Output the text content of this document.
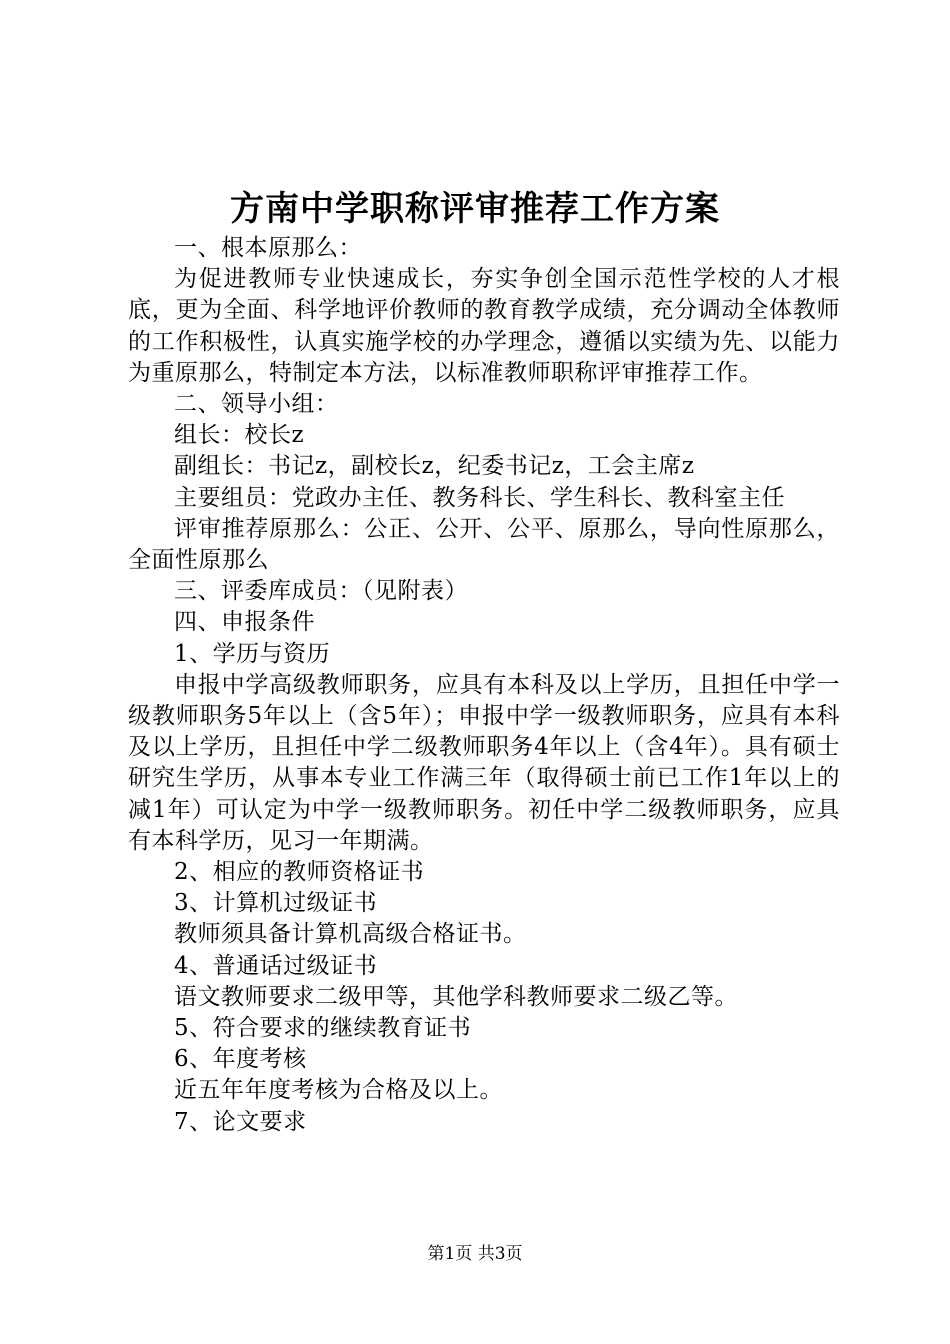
方南中学职称评审推荐工作方案

一、根本原那么：

为促进教师专业快速成长，夯实争创全国示范性学校的人才根底，更为全面、科学地评价教师的教育教学成绩，充分调动全体教师的工作积极性，认真实施学校的办学理念，遵循以实绩为先、以能力为重原那么，特制定本方法，以标准教师职称评审推荐工作。

二、领导小组：

组长：校长z

副组长：书记z，副校长z，纪委书记z，工会主席z

主要组员：党政办主任、教务科长、学生科长、教科室主任

评审推荐原那么：公正、公开、公平、原那么，导向性原那么，全面性原那么

三、评委库成员：（见附表）

四、申报条件

1、学历与资历

申报中学高级教师职务，应具有本科及以上学历，且担任中学一级教师职务5年以上（含5年）；申报中学一级教师职务，应具有本科及以上学历，且担任中学二级教师职务4年以上（含4年）。具有硕士研究生学历，从事本专业工作满三年（取得硕士前已工作1年以上的减1年）可认定为中学一级教师职务。初任中学二级教师职务，应具有本科学历，见习一年期满。

2、相应的教师资格证书

3、计算机过级证书

教师须具备计算机高级合格证书。

4、普通话过级证书

语文教师要求二级甲等，其他学科教师要求二级乙等。

5、符合要求的继续教育证书

6、年度考核

近五年年度考核为合格及以上。

7、论文要求

第1页 共3页
